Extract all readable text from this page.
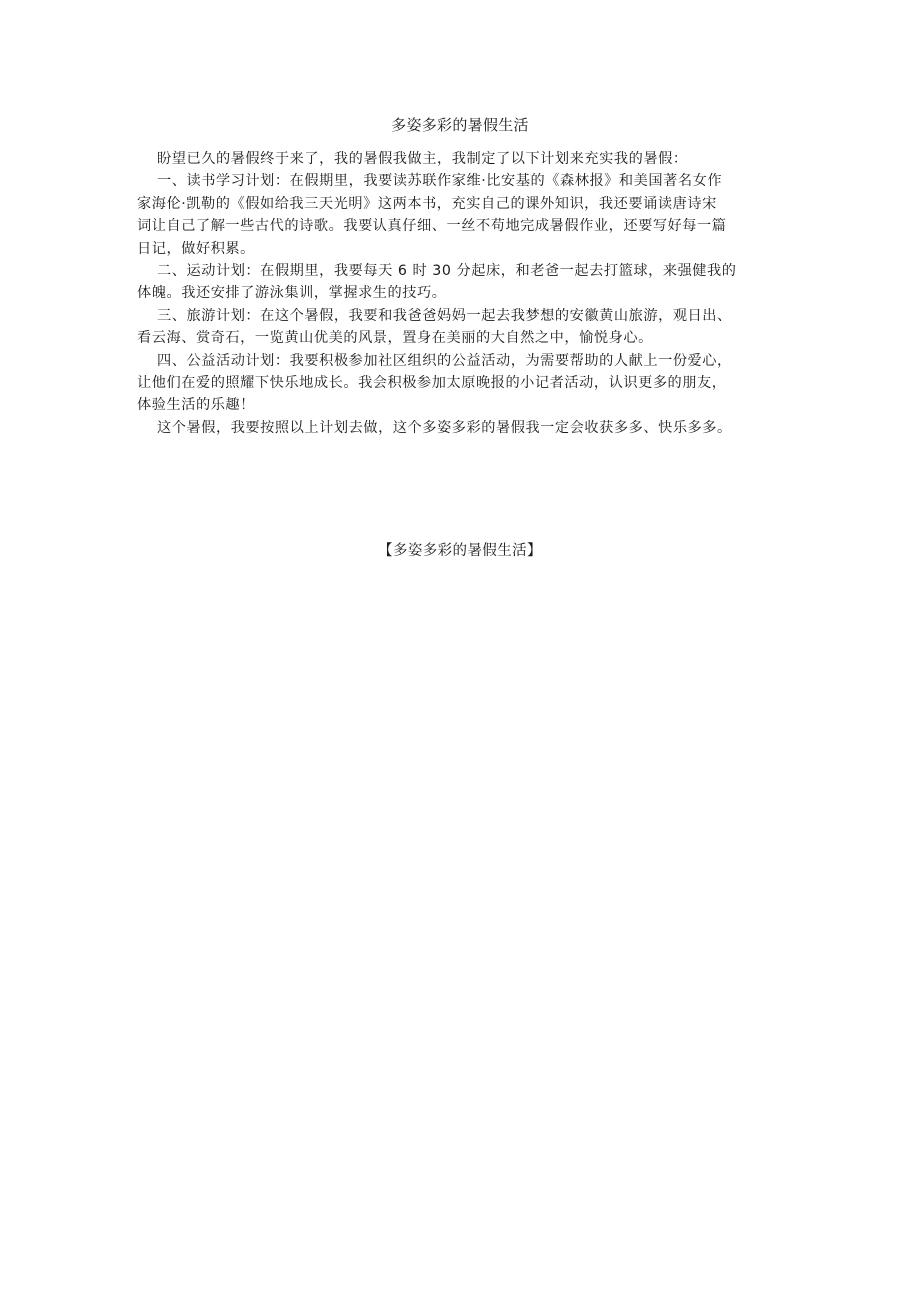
多姿多彩的暑假生活
盼望已久的暑假终于来了，我的暑假我做主，我制定了以下计划来充实我的暑假：
一、读书学习计划：在假期里，我要读苏联作家维·比安基的《森林报》和美国著名女作
家海伦·凯勒的《假如给我三天光明》这两本书，充实自己的课外知识，我还要诵读唐诗宋
词让自己了解一些古代的诗歌。我要认真仔细、一丝不苟地完成暑假作业，还要写好每一篇
日记，做好积累。
二、运动计划：在假期里，我要每天 6 时 30 分起床，和老爸一起去打篮球，来强健我的
体魄。我还安排了游泳集训，掌握求生的技巧。
三、旅游计划：在这个暑假，我要和我爸爸妈妈一起去我梦想的安徽黄山旅游，观日出、
看云海、赏奇石，一览黄山优美的风景，置身在美丽的大自然之中，愉悦身心。
四、公益活动计划：我要积极参加社区组织的公益活动，为需要帮助的人献上一份爱心，
让他们在爱的照耀下快乐地成长。我会积极参加太原晚报的小记者活动，认识更多的朋友，
体验生活的乐趣！
这个暑假，我要按照以上计划去做，这个多姿多彩的暑假我一定会收获多多、快乐多多。
【多姿多彩的暑假生活】
